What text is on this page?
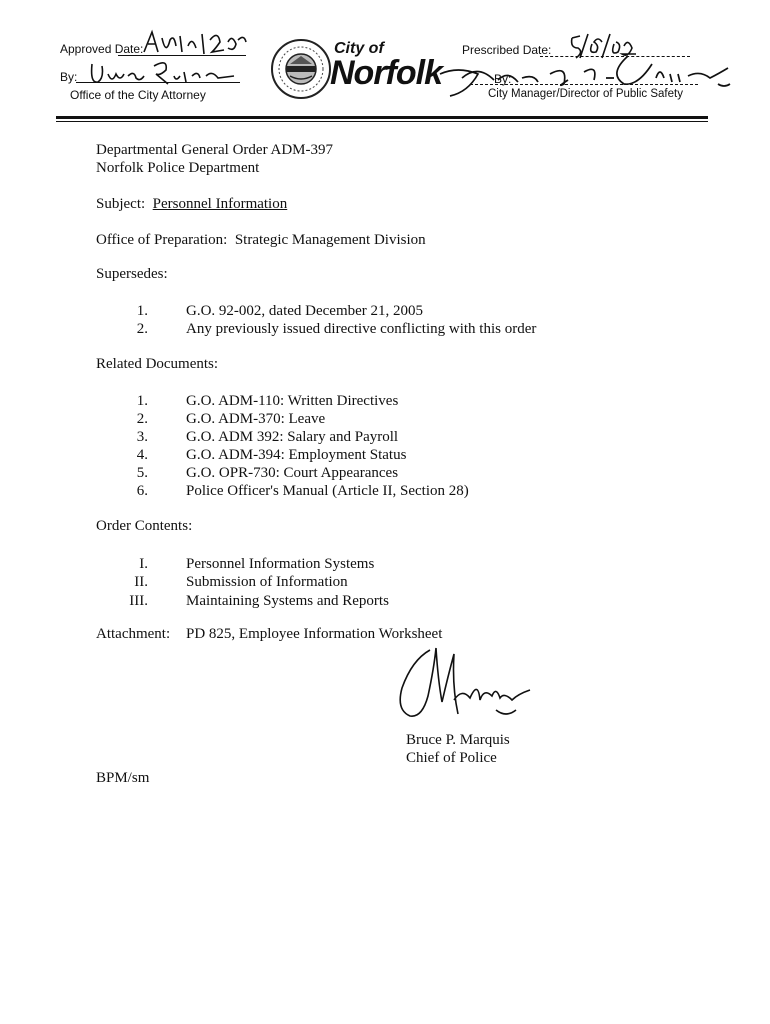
Approved Date:
By:
Office of the City Attorney
City of
Norfolk
Prescribed Date:
By:
City Manager/Director of Public Safety
Departmental General Order ADM-397
Norfolk Police Department
Subject: Personnel Information
Office of Preparation: Strategic Management Division
Supersedes:
1.	G.O. 92-002, dated December 21, 2005
2.	Any previously issued directive conflicting with this order
Related Documents:
1.	G.O. ADM-110: Written Directives
2.	G.O. ADM-370: Leave
3.	G.O. ADM 392: Salary and Payroll
4.	G.O. ADM-394: Employment Status
5.	G.O. OPR-730: Court Appearances
6.	Police Officer's Manual (Article II, Section 28)
Order Contents:
I.	Personnel Information Systems
II.	Submission of Information
III.	Maintaining Systems and Reports
Attachment: PD 825, Employee Information Worksheet
Bruce P. Marquis
Chief of Police
BPM/sm
